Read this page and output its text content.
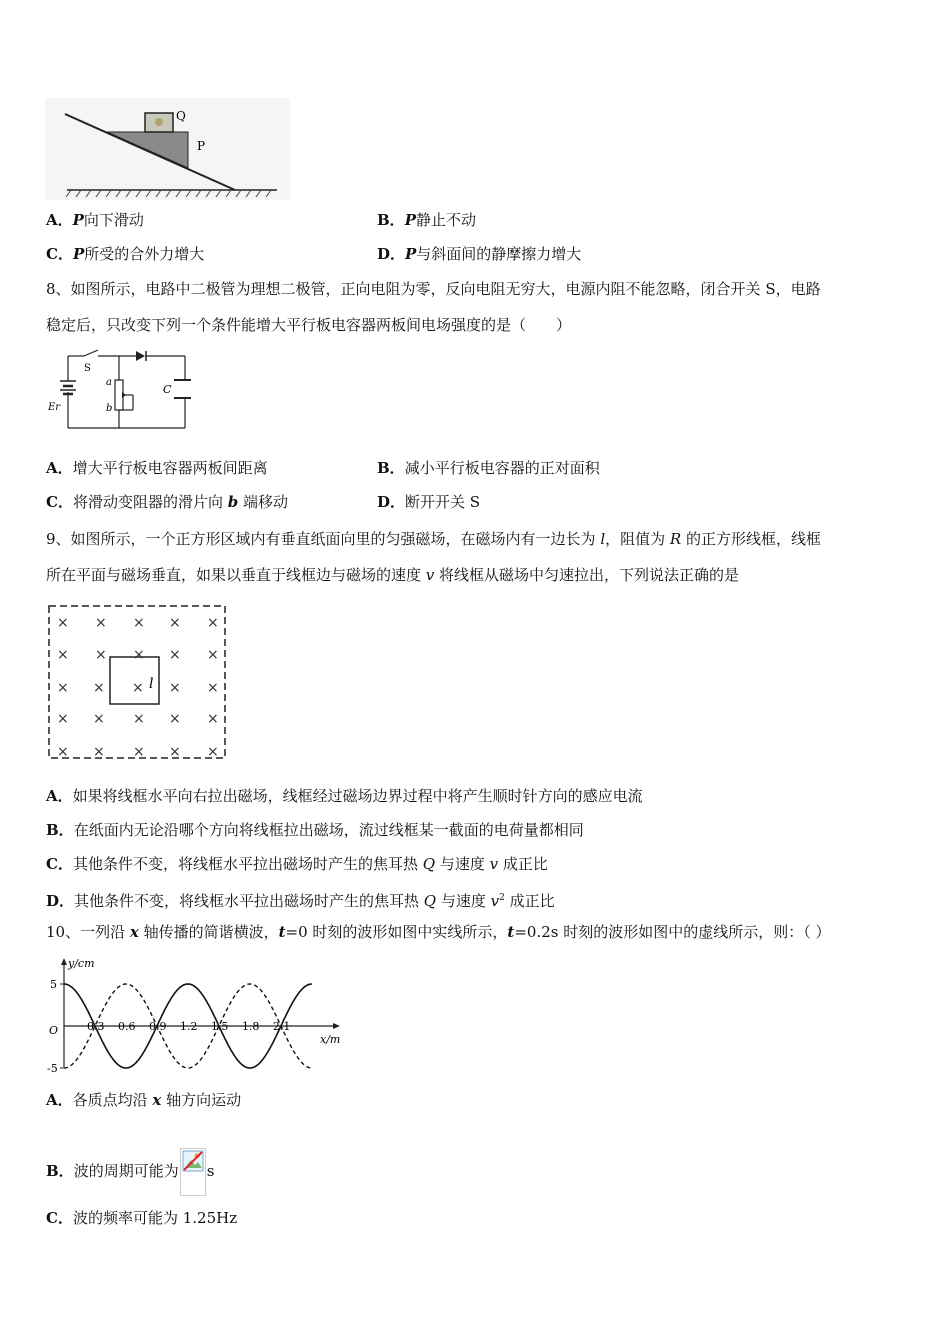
Q
P
A．P向下滑动	B．P静止不动
C．P所受的合外力增大	D．P与斜面间的静摩擦力增大
8、如图所示，电路中二极管为理想二极管，正向电阻为零，反向电阻无穷大，电源内阻不能忽略，闭合开关 S，电路
稳定后，只改变下列一个条件能增大平行板电容器两板间电场强度的是（　　）
S
a
b
C
Er
A．增大平行板电容器两板间距离	B．减小平行板电容器的正对面积
C．将滑动变阻器的滑片向 b 端移动	D．断开开关 S
9、如图所示，一个正方形区域内有垂直纸面向里的匀强磁场，在磁场内有一边长为 l，阻值为 R 的正方形线框，线框
所在平面与磁场垂直，如果以垂直于线框边与磁场的速度 v 将线框从磁场中匀速拉出，下列说法正确的是
l
× × × × ×
× × × × ×
× × × × ×
× × × × ×
× × × × ×
A．如果将线框水平向右拉出磁场，线框经过磁场边界过程中将产生顺时针方向的感应电流
B．在纸面内无论沿哪个方向将线框拉出磁场，流过线框某一截面的电荷量都相同
C．其他条件不变，将线框水平拉出磁场时产生的焦耳热 Q 与速度 v 成正比
D．其他条件不变，将线框水平拉出磁场时产生的焦耳热 Q 与速度 $v^2$ 成正比
10、一列沿 x 轴传播的简谐横波，t=0 时刻的波形如图中实线所示，t=0.2s 时刻的波形如图中的虚线所示，则：（ ）
y/cm
x/m
O
5
-5
0.3 0.6 0.9 1.2 1.5 1.8 2.1
A．各质点均沿 x 轴方向运动
B．波的周期可能为 s
C．波的频率可能为 1.25Hz
